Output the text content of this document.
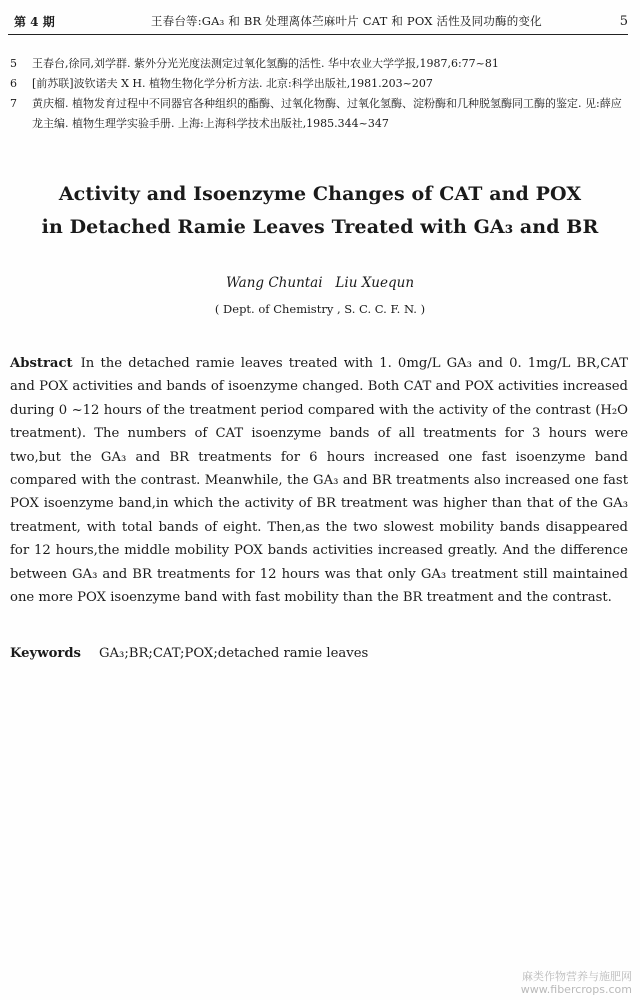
第 4 期	王春台等:GA₃ 和 BR 处理离体苎麻叶片 CAT 和 POX 活性及同功酶的变化	5
5	王春台,徐同,刘学群. 紫外分光光度法测定过氧化氢酶的活性. 华中农业大学学报,1987,6:77~81
6	[前苏联]波钦诺夫 X H. 植物生物化学分析方法. 北京:科学出版社,1981.203~207
7	黄庆榴. 植物发育过程中不同器官各种组织的酯酶、过氧化物酶、过氧化氢酶、淀粉酶和几种脱氢酶同工酶的鉴定. 见:薛应龙主编. 植物生理学实验手册. 上海:上海科学技术出版社,1985.344~347
Activity and Isoenzyme Changes of CAT and POX
in Detached Ramie Leaves Treated with GA₃ and BR
Wang Chuntai   Liu Xuequn
( Dept. of Chemistry , S. C. C. F. N. )
Abstract In the detached ramie leaves treated with 1. 0mg/L GA₃ and 0. 1mg/L BR,CAT and POX activities and bands of isoenzyme changed. Both CAT and POX activities increased during 0 ~12 hours of the treatment period compared with the activity of the contrast (H₂O treatment). The numbers of CAT isoenzyme bands of all treatments for 3 hours were two,but the GA₃ and BR treatments for 6 hours increased one fast isoenzyme band compared with the contrast. Meanwhile, the GA₃ and BR treatments also increased one fast POX isoenzyme band,in which the activity of BR treatment was higher than that of the GA₃ treatment, with total bands of eight. Then,as the two slowest mobility bands disappeared for 12 hours,the middle mobility POX bands activities increased greatly. And the difference between GA₃ and BR treatments for 12 hours was that only GA₃ treatment still maintained one more POX isoenzyme band with fast mobility than the BR treatment and the contrast.
Keywords GA₃;BR;CAT;POX;detached ramie leaves
麻类作物营养与施肥网
www.fibercrops.com
